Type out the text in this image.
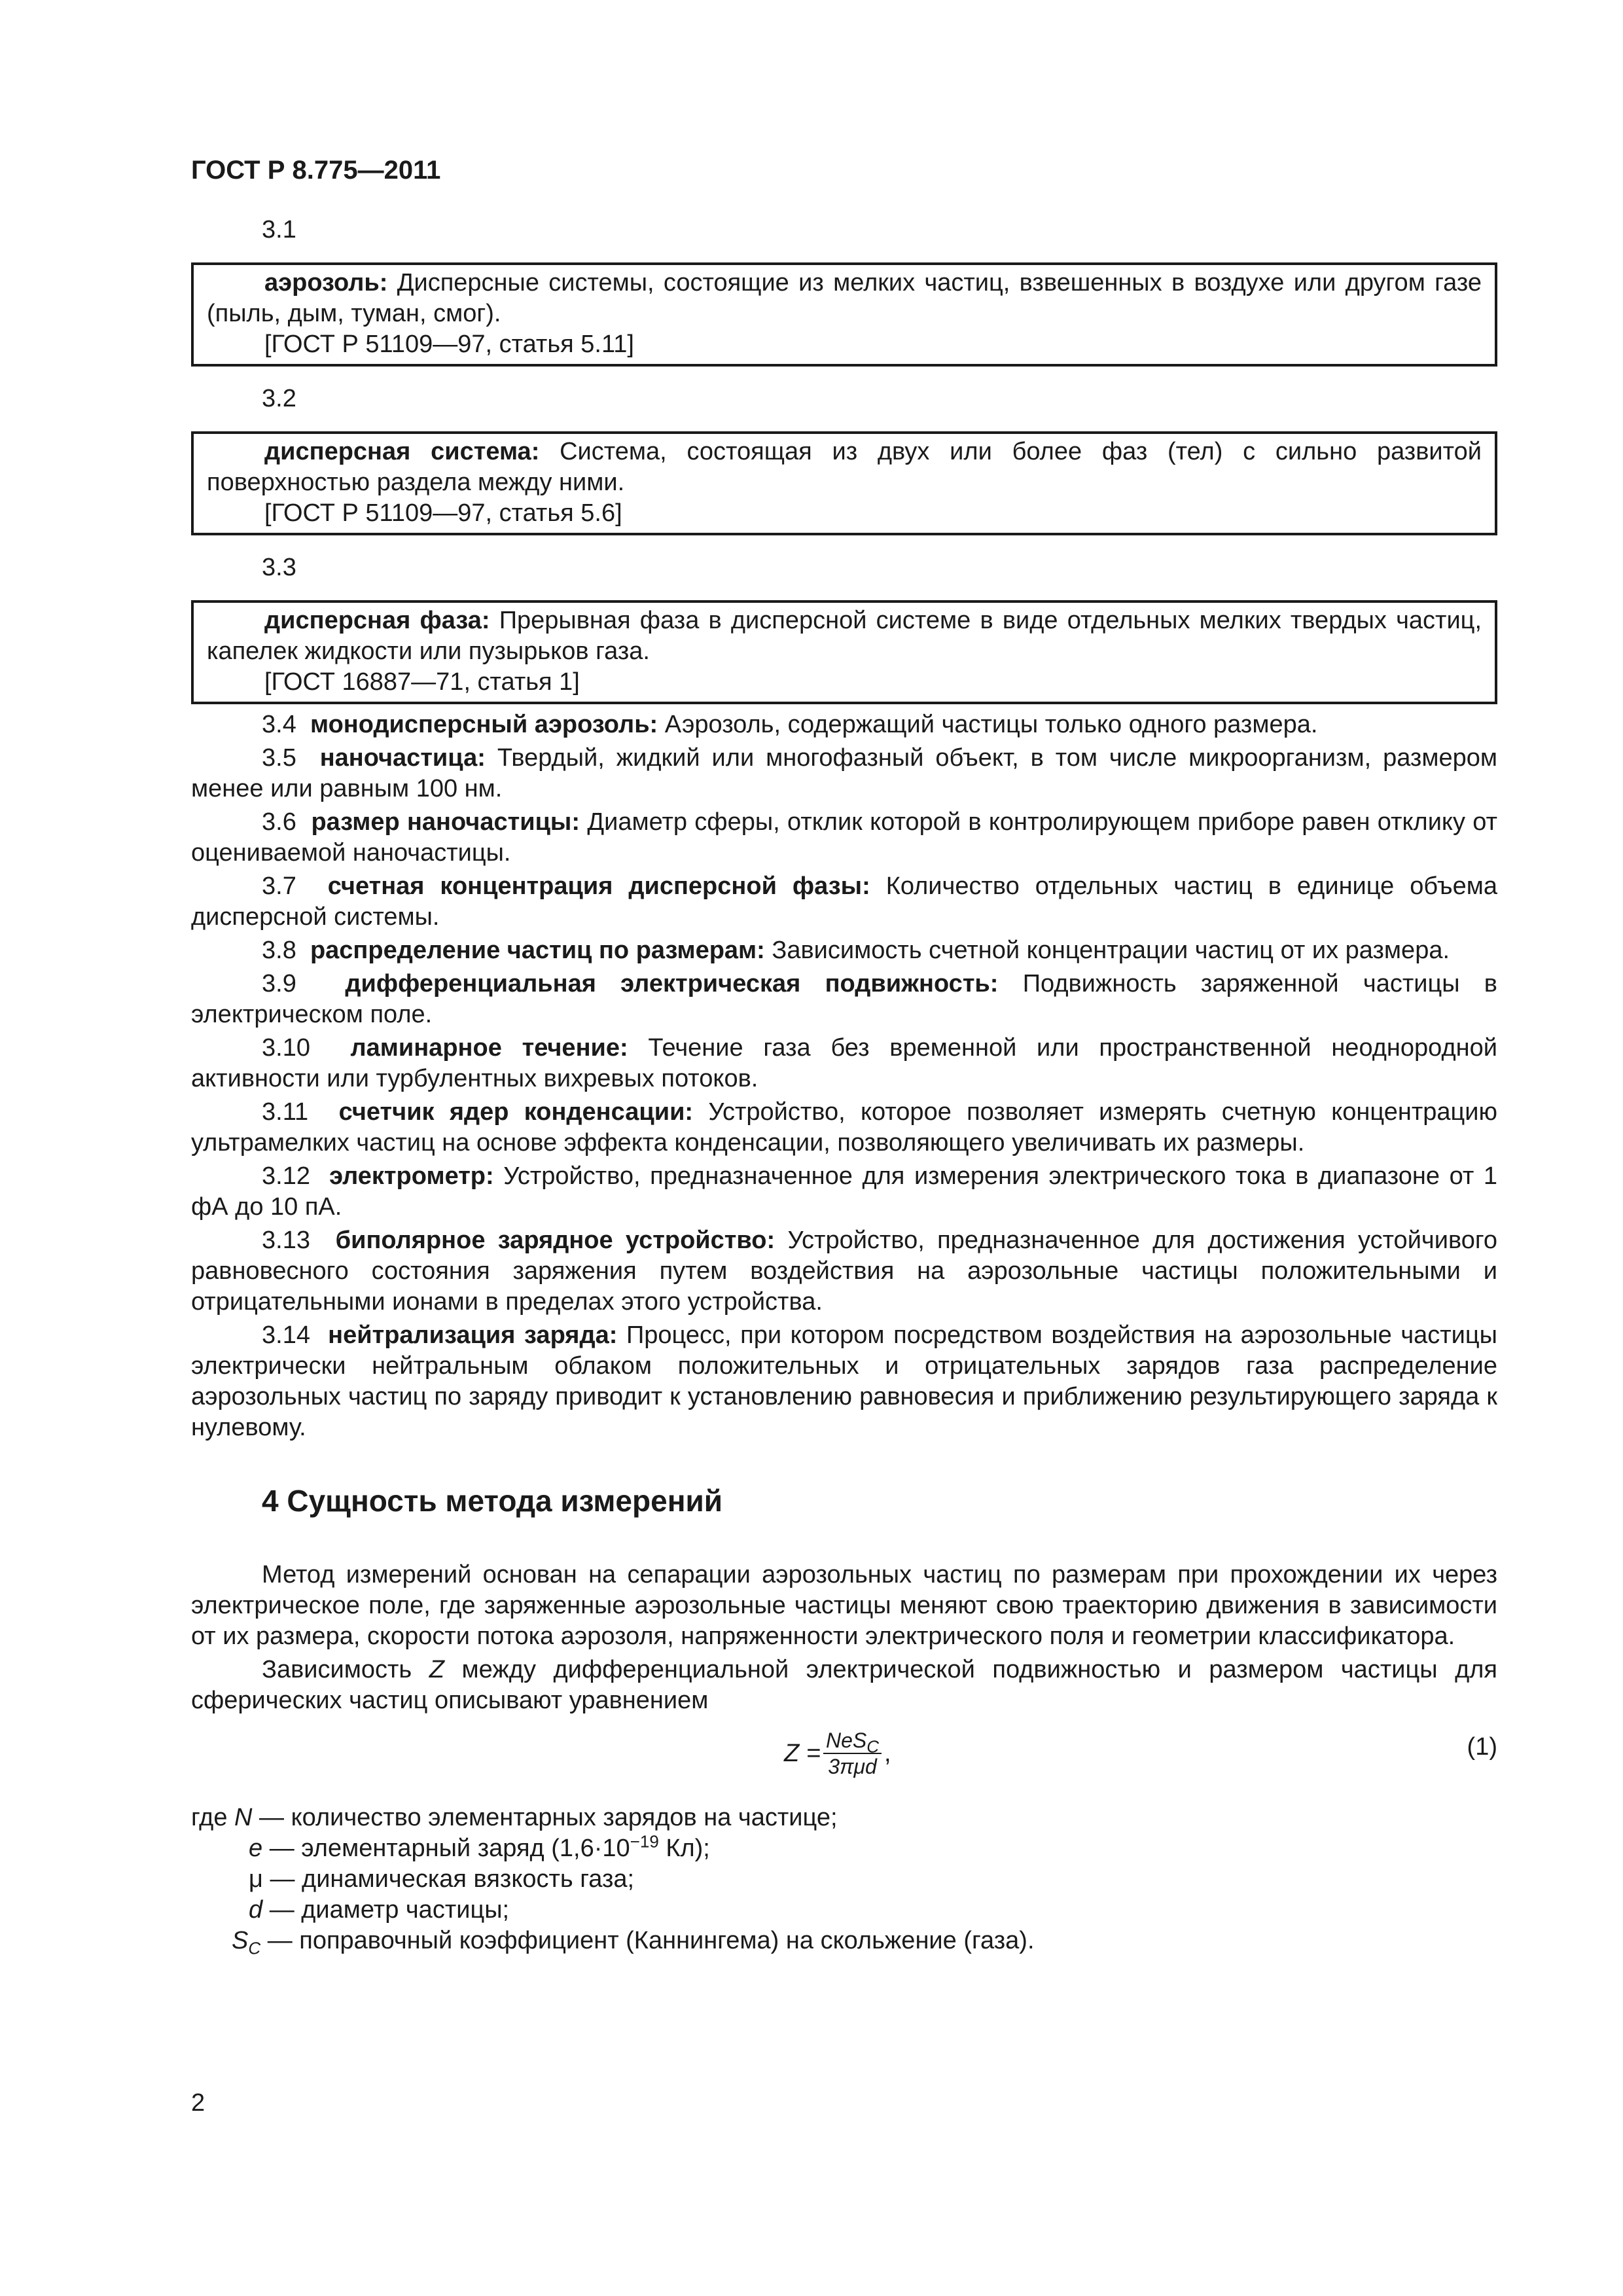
ГОСТ Р 8.775—2011

3.1

аэрозоль: Дисперсные системы, состоящие из мелких частиц, взвешенных в воздухе или другом газе (пыль, дым, туман, смог).

[ГОСТ Р 51109—97, статья 5.11]

3.2

дисперсная система: Система, состоящая из двух или более фаз (тел) с сильно развитой поверхностью раздела между ними.

[ГОСТ Р 51109—97, статья 5.6]

3.3

дисперсная фаза: Прерывная фаза в дисперсной системе в виде отдельных мелких твердых частиц, капелек жидкости или пузырьков газа.

[ГОСТ 16887—71, статья 1]

3.4 монодисперсный аэрозоль: Аэрозоль, содержащий частицы только одного размера.

3.5 наночастица: Твердый, жидкий или многофазный объект, в том числе микроорганизм, размером менее или равным 100 нм.

3.6 размер наночастицы: Диаметр сферы, отклик которой в контролирующем приборе равен отклику от оцениваемой наночастицы.

3.7 счетная концентрация дисперсной фазы: Количество отдельных частиц в единице объема дисперсной системы.

3.8 распределение частиц по размерам: Зависимость счетной концентрации частиц от их размера.

3.9 дифференциальная электрическая подвижность: Подвижность заряженной частицы в электрическом поле.

3.10 ламинарное течение: Течение газа без временной или пространственной неоднородной активности или турбулентных вихревых потоков.

3.11 счетчик ядер конденсации: Устройство, которое позволяет измерять счетную концентрацию ультрамелких частиц на основе эффекта конденсации, позволяющего увеличивать их размеры.

3.12 электрометр: Устройство, предназначенное для измерения электрического тока в диапазоне от 1 фА до 10 пА.

3.13 биполярное зарядное устройство: Устройство, предназначенное для достижения устойчивого равновесного состояния заряжения путем воздействия на аэрозольные частицы положительными и отрицательными ионами в пределах этого устройства.

3.14 нейтрализация заряда: Процесс, при котором посредством воздействия на аэрозольные частицы электрически нейтральным облаком положительных и отрицательных зарядов газа распределение аэрозольных частиц по заряду приводит к установлению равновесия и приближению результирующего заряда к нулевому.

4 Сущность метода измерений

Метод измерений основан на сепарации аэрозольных частиц по размерам при прохождении их через электрическое поле, где заряженные аэрозольные частицы меняют свою траекторию движения в зависимости от их размера, скорости потока аэрозоля, напряженности электрического поля и геометрии классификатора.

Зависимость Z между дифференциальной электрической подвижностью и размером частицы для сферических частиц описывают уравнением

$Z = \frac{NeS_C}{\text{3πμd}}$ ,	(1)

где N — количество элементарных зарядов на частице;

e — элементарный заряд ($1,6\cdot 10^{-19}$ Кл);

μ — динамическая вязкость газа;

d — диаметр частицы;

$S_C$ — поправочный коэффициент (Каннингема) на скольжение (газа).

2
